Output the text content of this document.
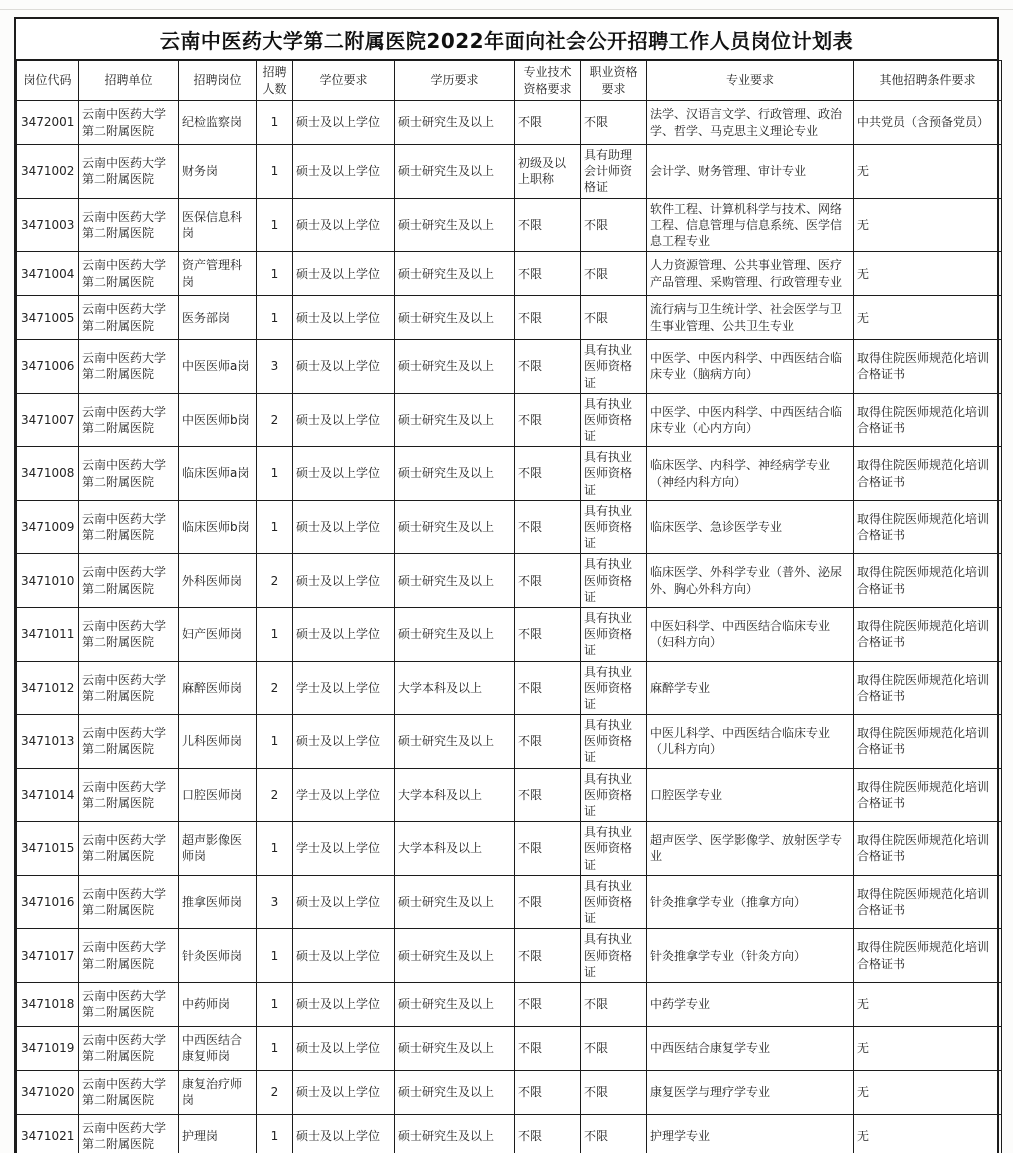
云南中医药大学第二附属医院2022年面向社会公开招聘工作人员岗位计划表
岗位代码	招聘单位	招聘岗位	招聘人数	学位要求	学历要求	专业技术资格要求	职业资格要求	专业要求	其他招聘条件要求
3472001	云南中医药大学第二附属医院	纪检监察岗	1	硕士及以上学位	硕士研究生及以上	不限	不限	法学、汉语言文学、行政管理、政治学、哲学、马克思主义理论专业	中共党员（含预备党员）
3471002	云南中医药大学第二附属医院	财务岗	1	硕士及以上学位	硕士研究生及以上	初级及以上职称	具有助理会计师资格证	会计学、财务管理、审计专业	无
3471003	云南中医药大学第二附属医院	医保信息科岗	1	硕士及以上学位	硕士研究生及以上	不限	不限	软件工程、计算机科学与技术、网络工程、信息管理与信息系统、医学信息工程专业	无
3471004	云南中医药大学第二附属医院	资产管理科岗	1	硕士及以上学位	硕士研究生及以上	不限	不限	人力资源管理、公共事业管理、医疗产品管理、采购管理、行政管理专业	无
3471005	云南中医药大学第二附属医院	医务部岗	1	硕士及以上学位	硕士研究生及以上	不限	不限	流行病与卫生统计学、社会医学与卫生事业管理、公共卫生专业	无
3471006	云南中医药大学第二附属医院	中医医师a岗	3	硕士及以上学位	硕士研究生及以上	不限	具有执业医师资格证	中医学、中医内科学、中西医结合临床专业（脑病方向）	取得住院医师规范化培训合格证书
3471007	云南中医药大学第二附属医院	中医医师b岗	2	硕士及以上学位	硕士研究生及以上	不限	具有执业医师资格证	中医学、中医内科学、中西医结合临床专业（心内方向）	取得住院医师规范化培训合格证书
3471008	云南中医药大学第二附属医院	临床医师a岗	1	硕士及以上学位	硕士研究生及以上	不限	具有执业医师资格证	临床医学、内科学、神经病学专业（神经内科方向）	取得住院医师规范化培训合格证书
3471009	云南中医药大学第二附属医院	临床医师b岗	1	硕士及以上学位	硕士研究生及以上	不限	具有执业医师资格证	临床医学、急诊医学专业	取得住院医师规范化培训合格证书
3471010	云南中医药大学第二附属医院	外科医师岗	2	硕士及以上学位	硕士研究生及以上	不限	具有执业医师资格证	临床医学、外科学专业（普外、泌尿外、胸心外科方向）	取得住院医师规范化培训合格证书
3471011	云南中医药大学第二附属医院	妇产医师岗	1	硕士及以上学位	硕士研究生及以上	不限	具有执业医师资格证	中医妇科学、中西医结合临床专业（妇科方向）	取得住院医师规范化培训合格证书
3471012	云南中医药大学第二附属医院	麻醉医师岗	2	学士及以上学位	大学本科及以上	不限	具有执业医师资格证	麻醉学专业	取得住院医师规范化培训合格证书
3471013	云南中医药大学第二附属医院	儿科医师岗	1	硕士及以上学位	硕士研究生及以上	不限	具有执业医师资格证	中医儿科学、中西医结合临床专业（儿科方向）	取得住院医师规范化培训合格证书
3471014	云南中医药大学第二附属医院	口腔医师岗	2	学士及以上学位	大学本科及以上	不限	具有执业医师资格证	口腔医学专业	取得住院医师规范化培训合格证书
3471015	云南中医药大学第二附属医院	超声影像医师岗	1	学士及以上学位	大学本科及以上	不限	具有执业医师资格证	超声医学、医学影像学、放射医学专业	取得住院医师规范化培训合格证书
3471016	云南中医药大学第二附属医院	推拿医师岗	3	硕士及以上学位	硕士研究生及以上	不限	具有执业医师资格证	针灸推拿学专业（推拿方向）	取得住院医师规范化培训合格证书
3471017	云南中医药大学第二附属医院	针灸医师岗	1	硕士及以上学位	硕士研究生及以上	不限	具有执业医师资格证	针灸推拿学专业（针灸方向）	取得住院医师规范化培训合格证书
3471018	云南中医药大学第二附属医院	中药师岗	1	硕士及以上学位	硕士研究生及以上	不限	不限	中药学专业	无
3471019	云南中医药大学第二附属医院	中西医结合康复师岗	1	硕士及以上学位	硕士研究生及以上	不限	不限	中西医结合康复学专业	无
3471020	云南中医药大学第二附属医院	康复治疗师岗	2	硕士及以上学位	硕士研究生及以上	不限	不限	康复医学与理疗学专业	无
3471021	云南中医药大学第二附属医院	护理岗	1	硕士及以上学位	硕士研究生及以上	不限	不限	护理学专业	无
